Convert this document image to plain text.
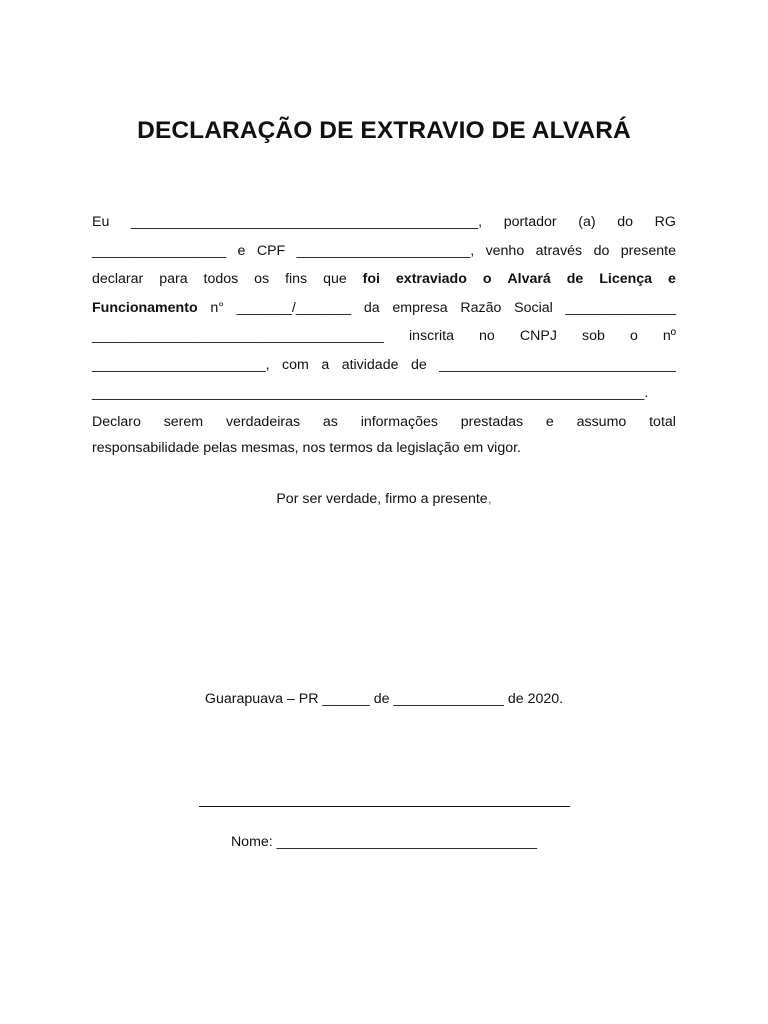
DECLARAÇÃO DE EXTRAVIO DE ALVARÁ
Eu ____________________________________________, portador (a) do RG
_________________ e CPF ______________________, venho através do presente
declarar para todos os fins que foi extraviado o Alvará de Licença e
Funcionamento n° _______/_______ da empresa Razão Social ______________
_____________________________________ inscrita no CNPJ sob o nº
______________________, com a atividade de ______________________________
______________________________________________________________________.
Declaro serem verdadeiras as informações prestadas e assumo total
responsabilidade pelas mesmas, nos termos da legislação em vigor.
Por ser verdade, firmo a presente,
Guarapuava – PR ______ de ______________ de 2020.
Nome: _________________________________
